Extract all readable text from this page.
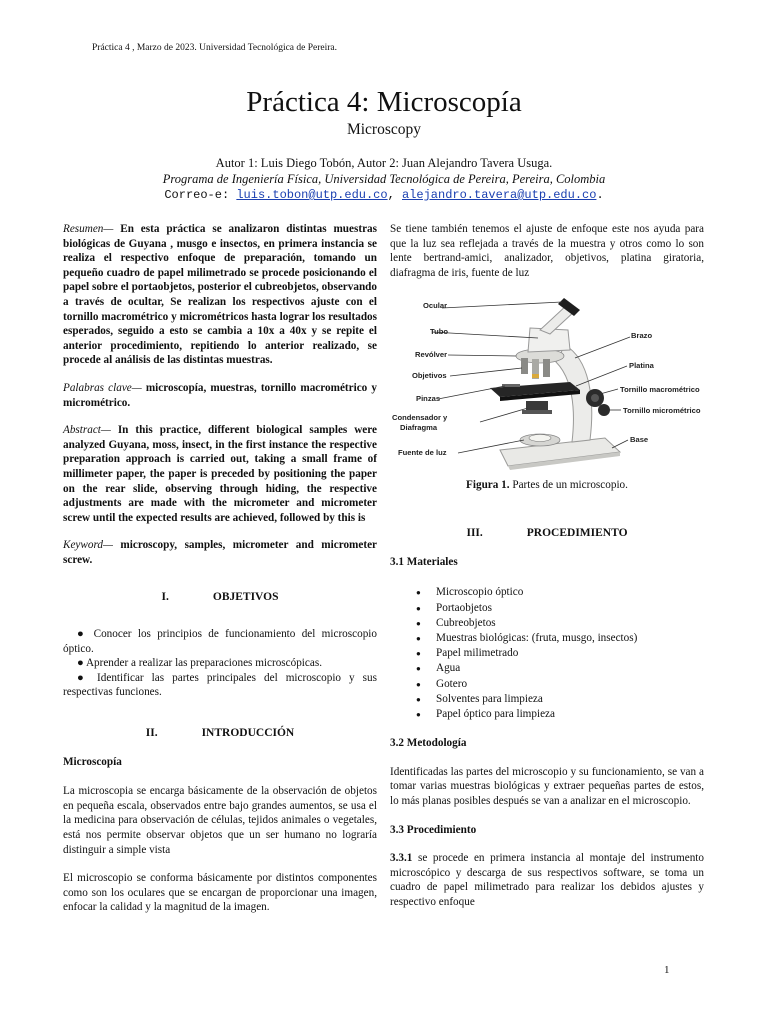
Práctica 4 , Marzo de 2023. Universidad Tecnológica de Pereira.
Práctica 4: Microscopía
Microscopy
Autor 1: Luis Diego Tobón, Autor 2: Juan Alejandro Tavera Usuga.
Programa de Ingeniería Física, Universidad Tecnológica de Pereira, Pereira, Colombia
Correo-e: luis.tobon@utp.edu.co, alejandro.tavera@utp.edu.co.

Resumen— En esta práctica se analizaron distintas muestras biológicas de Guyana , musgo e insectos, en primera instancia se realiza el respectivo enfoque de preparación, tomando un pequeño cuadro de papel milimetrado se procede posicionando el papel sobre el portaobjetos, posterior el cubreobjetos, observando a través de ocultar, Se realizan los respectivos ajuste con el tornillo macrométrico y micrométricos hasta lograr los resultados esperados, seguido a esto se cambia a 10x a 40x y se repite el anterior procedimiento, repitiendo lo anterior realizado, se procede al análisis de las distintas muestras.

Palabras clave— microscopía, muestras, tornillo macrométrico y micrométrico.

Abstract— In this practice, different biological samples were analyzed Guyana, moss, insect, in the first instance the respective preparation approach is carried out, taking a small frame of millimeter paper, the paper is preceded by positioning the paper on the rear slide, observing through hiding, the respective adjustments are made with the micrometer and micrometer screw until the expected results are achieved, followed by this is

Keyword— microscopy, samples, micrometer and micrometer screw.

I.	OBJETIVOS

● Conocer los principios de funcionamiento del microscopio óptico.

● Aprender a realizar las preparaciones microscópicas.

● Identificar las partes principales del microscopio y sus respectivas funciones.

II.	INTRODUCCIÓN

Microscopía

La microscopia se encarga básicamente de la observación de objetos en pequeña escala, observados entre bajo grandes aumentos, se usa el la medicina para observación de células, tejidos animales o vegetales, está nos permite observar objetos que un ser humano no lograría distinguir a simple vista

El microscopio se conforma básicamente por distintos componentes como son los oculares que se encargan de proporcionar una imagen, enfocar la calidad y la magnitud de la imagen.

Se tiene también tenemos el ajuste de enfoque este nos ayuda para que la luz sea reflejada a través de la muestra y otros como lo son lente bertrand-amici, analizador, objetivos, platina giratoria, diafragma de iris, fuente de luz

Ocular
Tubo
Revólver
Objetivos
Pinzas
Condensador y
Diafragma
Fuente de luz
Brazo
Platina
Tornillo macrométrico
Tornillo micrométrico
Base

Figura 1. Partes de un microscopio.

III.	PROCEDIMIENTO

3.1 Materiales

● Microscopio óptico
● Portaobjetos
● Cubreobjetos
● Muestras biológicas: (fruta, musgo, insectos)
● Papel milimetrado
● Agua
● Gotero
● Solventes para limpieza
● Papel óptico para limpieza

3.2 Metodología

Identificadas las partes del microscopio y su funcionamiento, se van a tomar varias muestras biológicas y extraer pequeñas partes de estos, lo más planas posibles después se van a analizar en el microscopio.

3.3 Procedimiento

3.3.1 se procede en primera instancia al montaje del instrumento microscópico y descarga de sus respectivos software, se toma un cuadro de papel milimetrado para realizar los debidos ajustes y respectivo enfoque

1
